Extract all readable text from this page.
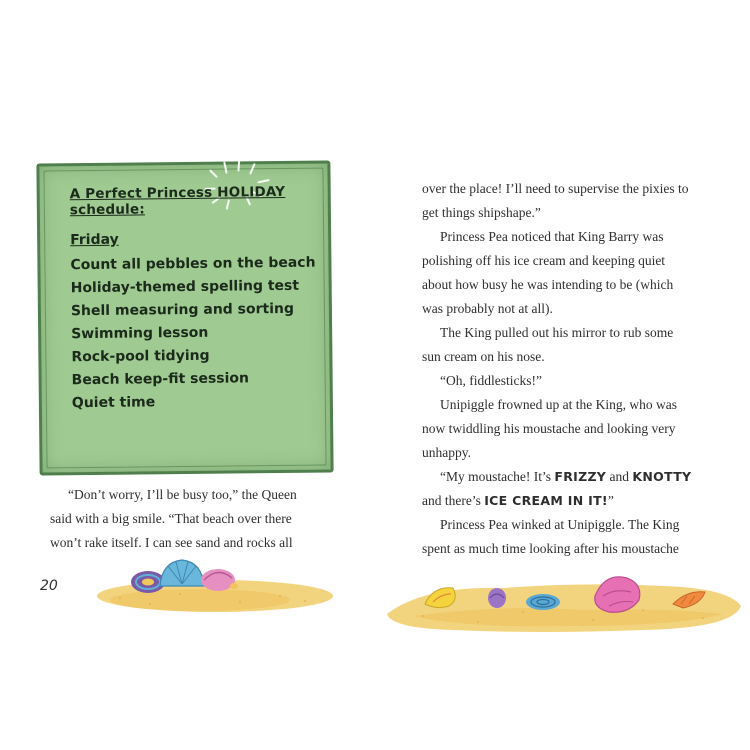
A Perfect Princess HOLIDAY schedule:
Friday
Count all pebbles on the beach
Holiday-themed spelling test
Shell measuring and sorting
Swimming lesson
Rock-pool tidying
Beach keep-fit session
Quiet time
“Don’t worry, I’ll be busy too,” the Queen
said with a big smile. “That beach over there
won’t rake itself. I can see sand and rocks all
20
over the place! I’ll need to supervise the pixies to
get things shipshape.”
Princess Pea noticed that King Barry was
polishing off his ice cream and keeping quiet
about how busy he was intending to be (which
was probably not at all).
The King pulled out his mirror to rub some
sun cream on his nose.
“Oh, fiddlesticks!”
Unipiggle frowned up at the King, who was
now twiddling his moustache and looking very
unhappy.
“My moustache! It’s FRIZZY and KNOTTY
and there’s ICE CREAM IN IT!”
Princess Pea winked at Unipiggle. The King
spent as much time looking after his moustache
